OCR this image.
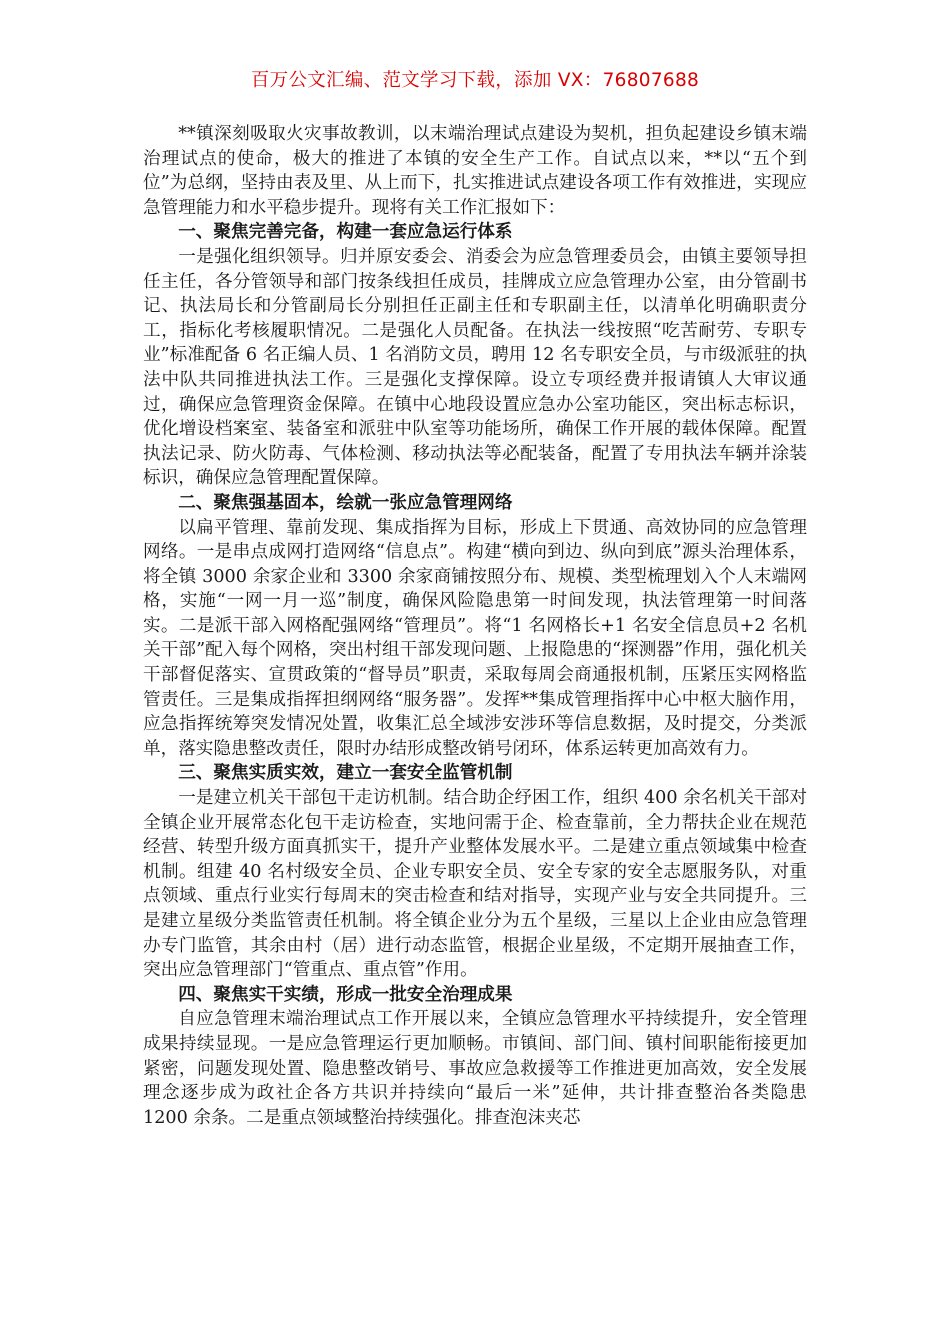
百万公文汇编、范文学习下载，添加 VX：76807688

**镇深刻吸取火灾事故教训，以末端治理试点建设为契机，担负起建设乡镇末端治理试点的使命，极大的推进了本镇的安全生产工作。自试点以来，**以“五个到位”为总纲，坚持由表及里、从上而下，扎实推进试点建设各项工作有效推进，实现应急管理能力和水平稳步提升。现将有关工作汇报如下：

一、聚焦完善完备，构建一套应急运行体系

一是强化组织领导。归并原安委会、消委会为应急管理委员会，由镇主要领导担任主任，各分管领导和部门按条线担任成员，挂牌成立应急管理办公室，由分管副书记、执法局长和分管副局长分别担任正副主任和专职副主任，以清单化明确职责分工，指标化考核履职情况。二是强化人员配备。在执法一线按照“吃苦耐劳、专职专业”标准配备 6 名正编人员、1 名消防文员，聘用 12 名专职安全员，与市级派驻的执法中队共同推进执法工作。三是强化支撑保障。设立专项经费并报请镇人大审议通过，确保应急管理资金保障。在镇中心地段设置应急办公室功能区，突出标志标识，优化增设档案室、装备室和派驻中队室等功能场所，确保工作开展的载体保障。配置执法记录、防火防毒、气体检测、移动执法等必配装备，配置了专用执法车辆并涂装标识，确保应急管理配置保障。

二、聚焦强基固本，绘就一张应急管理网络

以扁平管理、靠前发现、集成指挥为目标，形成上下贯通、高效协同的应急管理网络。一是串点成网打造网络“信息点”。构建“横向到边、纵向到底”源头治理体系，将全镇 3000 余家企业和 3300 余家商铺按照分布、规模、类型梳理划入个人末端网格，实施“一网一月一巡”制度，确保风险隐患第一时间发现，执法管理第一时间落实。二是派干部入网格配强网络“管理员”。将“1 名网格长+1 名安全信息员+2 名机关干部”配入每个网格，突出村组干部发现问题、上报隐患的“探测器”作用，强化机关干部督促落实、宣贯政策的“督导员”职责，采取每周会商通报机制，压紧压实网格监管责任。三是集成指挥担纲网络“服务器”。发挥**集成管理指挥中心中枢大脑作用，应急指挥统筹突发情况处置，收集汇总全域涉安涉环等信息数据，及时提交，分类派单，落实隐患整改责任，限时办结形成整改销号闭环，体系运转更加高效有力。

三、聚焦实质实效，建立一套安全监管机制

一是建立机关干部包干走访机制。结合助企纾困工作，组织 400 余名机关干部对全镇企业开展常态化包干走访检查，实地问需于企、检查靠前，全力帮扶企业在规范经营、转型升级方面真抓实干，提升产业整体发展水平。二是建立重点领域集中检查机制。组建 40 名村级安全员、企业专职安全员、安全专家的安全志愿服务队，对重点领域、重点行业实行每周末的突击检查和结对指导，实现产业与安全共同提升。三是建立星级分类监管责任机制。将全镇企业分为五个星级，三星以上企业由应急管理办专门监管，其余由村（居）进行动态监管，根据企业星级，不定期开展抽查工作，突出应急管理部门“管重点、重点管”作用。

四、聚焦实干实绩，形成一批安全治理成果

自应急管理末端治理试点工作开展以来，全镇应急管理水平持续提升，安全管理成果持续显现。一是应急管理运行更加顺畅。市镇间、部门间、镇村间职能衔接更加紧密，问题发现处置、隐患整改销号、事故应急救援等工作推进更加高效，安全发展理念逐步成为政社企各方共识并持续向“最后一米”延伸，共计排查整治各类隐患 1200 余条。二是重点领域整治持续强化。排查泡沫夹芯
